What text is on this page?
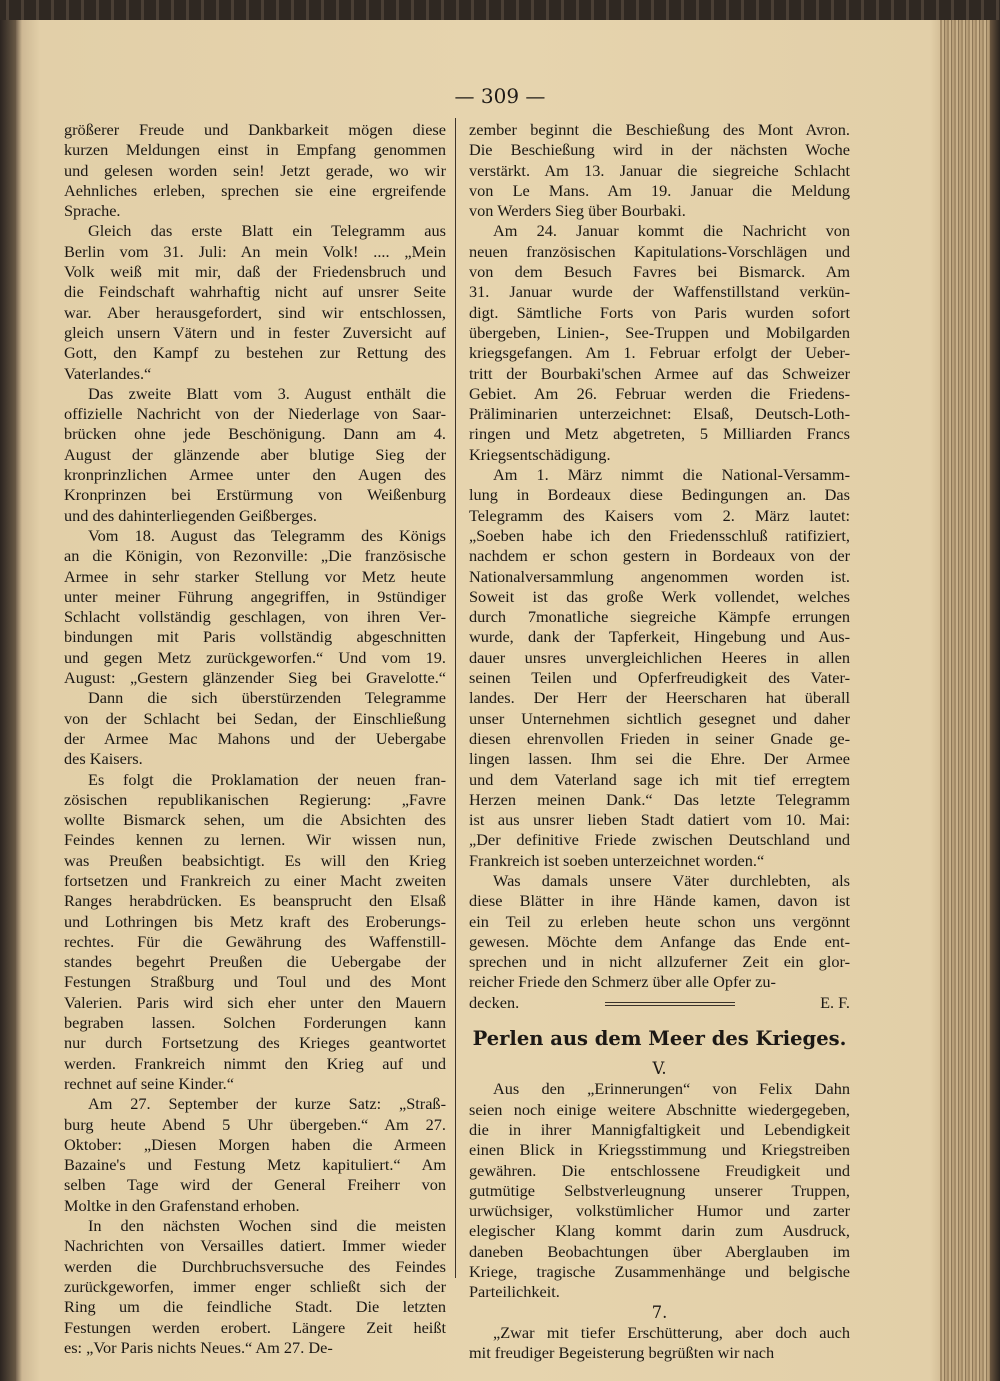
— 309 —
größerer Freude und Dankbarkeit mögen diese
kurzen Meldungen einst in Empfang genommen
und gelesen worden sein! Jetzt gerade, wo wir
Aehnliches erleben, sprechen sie eine ergreifende
Sprache.
Gleich das erste Blatt ein Telegramm aus
Berlin vom 31. Juli: An mein Volk! .... „Mein
Volk weiß mit mir, daß der Friedensbruch und
die Feindschaft wahrhaftig nicht auf unsrer Seite
war. Aber herausgefordert, sind wir entschlossen,
gleich unsern Vätern und in fester Zuversicht auf
Gott, den Kampf zu bestehen zur Rettung des
Vaterlandes.“
Das zweite Blatt vom 3. August enthält die
offizielle Nachricht von der Niederlage von Saar-
brücken ohne jede Beschönigung. Dann am 4.
August der glänzende aber blutige Sieg der
kronprinzlichen Armee unter den Augen des
Kronprinzen bei Erstürmung von Weißenburg
und des dahinterliegenden Geißberges.
Vom 18. August das Telegramm des Königs
an die Königin, von Rezonville: „Die französische
Armee in sehr starker Stellung vor Metz heute
unter meiner Führung angegriffen, in 9stündiger
Schlacht vollständig geschlagen, von ihren Ver-
bindungen mit Paris vollständig abgeschnitten
und gegen Metz zurückgeworfen.“ Und vom 19.
August: „Gestern glänzender Sieg bei Gravelotte.“
Dann die sich überstürzenden Telegramme
von der Schlacht bei Sedan, der Einschließung
der Armee Mac Mahons und der Uebergabe
des Kaisers.
Es folgt die Proklamation der neuen fran-
zösischen republikanischen Regierung: „Favre
wollte Bismarck sehen, um die Absichten des
Feindes kennen zu lernen. Wir wissen nun,
was Preußen beabsichtigt. Es will den Krieg
fortsetzen und Frankreich zu einer Macht zweiten
Ranges herabdrücken. Es beansprucht den Elsaß
und Lothringen bis Metz kraft des Eroberungs-
rechtes. Für die Gewährung des Waffenstill-
standes begehrt Preußen die Uebergabe der
Festungen Straßburg und Toul und des Mont
Valerien. Paris wird sich eher unter den Mauern
begraben lassen. Solchen Forderungen kann
nur durch Fortsetzung des Krieges geantwortet
werden. Frankreich nimmt den Krieg auf und
rechnet auf seine Kinder.“
Am 27. September der kurze Satz: „Straß-
burg heute Abend 5 Uhr übergeben.“ Am 27.
Oktober: „Diesen Morgen haben die Armeen
Bazaine's und Festung Metz kapituliert.“ Am
selben Tage wird der General Freiherr von
Moltke in den Grafenstand erhoben.
In den nächsten Wochen sind die meisten
Nachrichten von Versailles datiert. Immer wieder
werden die Durchbruchsversuche des Feindes
zurückgeworfen, immer enger schließt sich der
Ring um die feindliche Stadt. Die letzten
Festungen werden erobert. Längere Zeit heißt
es: „Vor Paris nichts Neues.“ Am 27. De-
zember beginnt die Beschießung des Mont Avron.
Die Beschießung wird in der nächsten Woche
verstärkt. Am 13. Januar die siegreiche Schlacht
von Le Mans. Am 19. Januar die Meldung
von Werders Sieg über Bourbaki.
Am 24. Januar kommt die Nachricht von
neuen französischen Kapitulations-Vorschlägen und
von dem Besuch Favres bei Bismarck. Am
31. Januar wurde der Waffenstillstand verkün-
digt. Sämtliche Forts von Paris wurden sofort
übergeben, Linien-, See-Truppen und Mobilgarden
kriegsgefangen. Am 1. Februar erfolgt der Ueber-
tritt der Bourbaki'schen Armee auf das Schweizer
Gebiet. Am 26. Februar werden die Friedens-
Präliminarien unterzeichnet: Elsaß, Deutsch-Loth-
ringen und Metz abgetreten, 5 Milliarden Francs
Kriegsentschädigung.
Am 1. März nimmt die National-Versamm-
lung in Bordeaux diese Bedingungen an. Das
Telegramm des Kaisers vom 2. März lautet:
„Soeben habe ich den Friedensschluß ratifiziert,
nachdem er schon gestern in Bordeaux von der
Nationalversammlung angenommen worden ist.
Soweit ist das große Werk vollendet, welches
durch 7monatliche siegreiche Kämpfe errungen
wurde, dank der Tapferkeit, Hingebung und Aus-
dauer unsres unvergleichlichen Heeres in allen
seinen Teilen und Opferfreudigkeit des Vater-
landes. Der Herr der Heerscharen hat überall
unser Unternehmen sichtlich gesegnet und daher
diesen ehrenvollen Frieden in seiner Gnade ge-
lingen lassen. Ihm sei die Ehre. Der Armee
und dem Vaterland sage ich mit tief erregtem
Herzen meinen Dank.“ Das letzte Telegramm
ist aus unsrer lieben Stadt datiert vom 10. Mai:
„Der definitive Friede zwischen Deutschland und
Frankreich ist soeben unterzeichnet worden.“
Was damals unsere Väter durchlebten, als
diese Blätter in ihre Hände kamen, davon ist
ein Teil zu erleben heute schon uns vergönnt
gewesen. Möchte dem Anfange das Ende ent-
sprechen und in nicht allzuferner Zeit ein glor-
reicher Friede den Schmerz über alle Opfer zu-
decken.	E. F.
Perlen aus dem Meer des Krieges.
V.
Aus den „Erinnerungen“ von Felix Dahn
seien noch einige weitere Abschnitte wiedergegeben,
die in ihrer Mannigfaltigkeit und Lebendigkeit
einen Blick in Kriegsstimmung und Kriegstreiben
gewähren. Die entschlossene Freudigkeit und
gutmütige Selbstverleugnung unserer Truppen,
urwüchsiger, volkstümlicher Humor und zarter
elegischer Klang kommt darin zum Ausdruck,
daneben Beobachtungen über Aberglauben im
Kriege, tragische Zusammenhänge und belgische
Parteilichkeit.
7.
„Zwar mit tiefer Erschütterung, aber doch auch
mit freudiger Begeisterung begrüßten wir nach
